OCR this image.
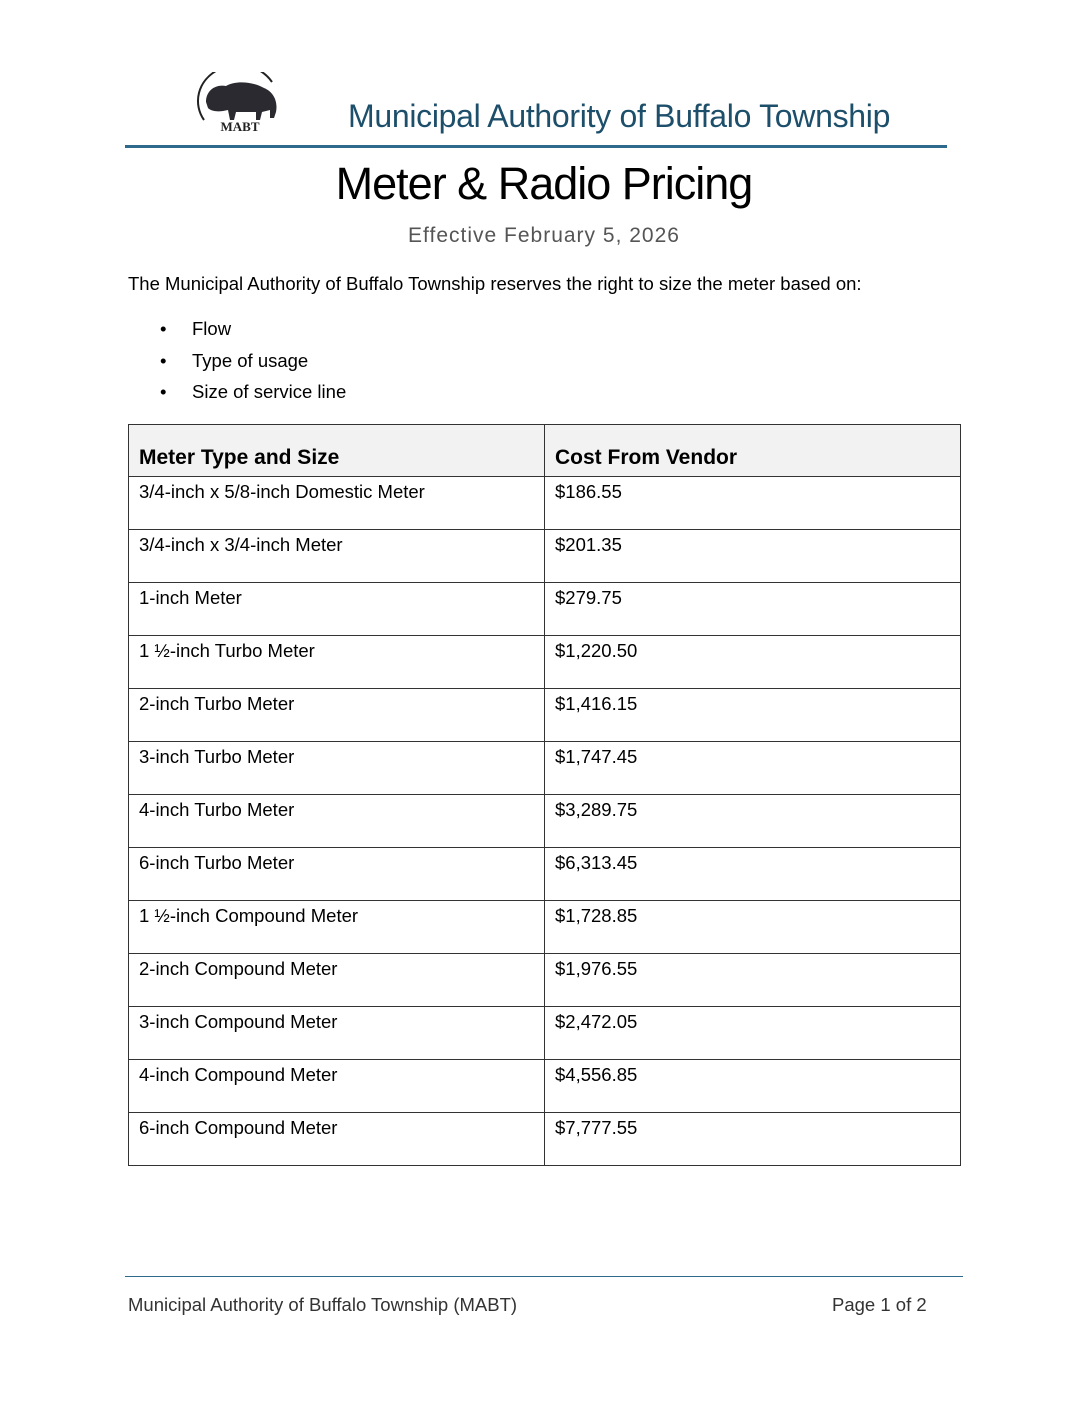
MABT	Municipal Authority of Buffalo Township
Meter & Radio Pricing
Effective February 5, 2026
The Municipal Authority of Buffalo Township reserves the right to size the meter based on:
• Flow
• Type of usage
• Size of service line
Meter Type and Size	Cost From Vendor
3/4-inch x 5/8-inch Domestic Meter	$186.55
3/4-inch x 3/4-inch Meter	$201.35
1-inch Meter	$279.75
1 ½-inch Turbo Meter	$1,220.50
2-inch Turbo Meter	$1,416.15
3-inch Turbo Meter	$1,747.45
4-inch Turbo Meter	$3,289.75
6-inch Turbo Meter	$6,313.45
1 ½-inch Compound Meter	$1,728.85
2-inch Compound Meter	$1,976.55
3-inch Compound Meter	$2,472.05
4-inch Compound Meter	$4,556.85
6-inch Compound Meter	$7,777.55
Municipal Authority of Buffalo Township (MABT)	Page 1 of 2
